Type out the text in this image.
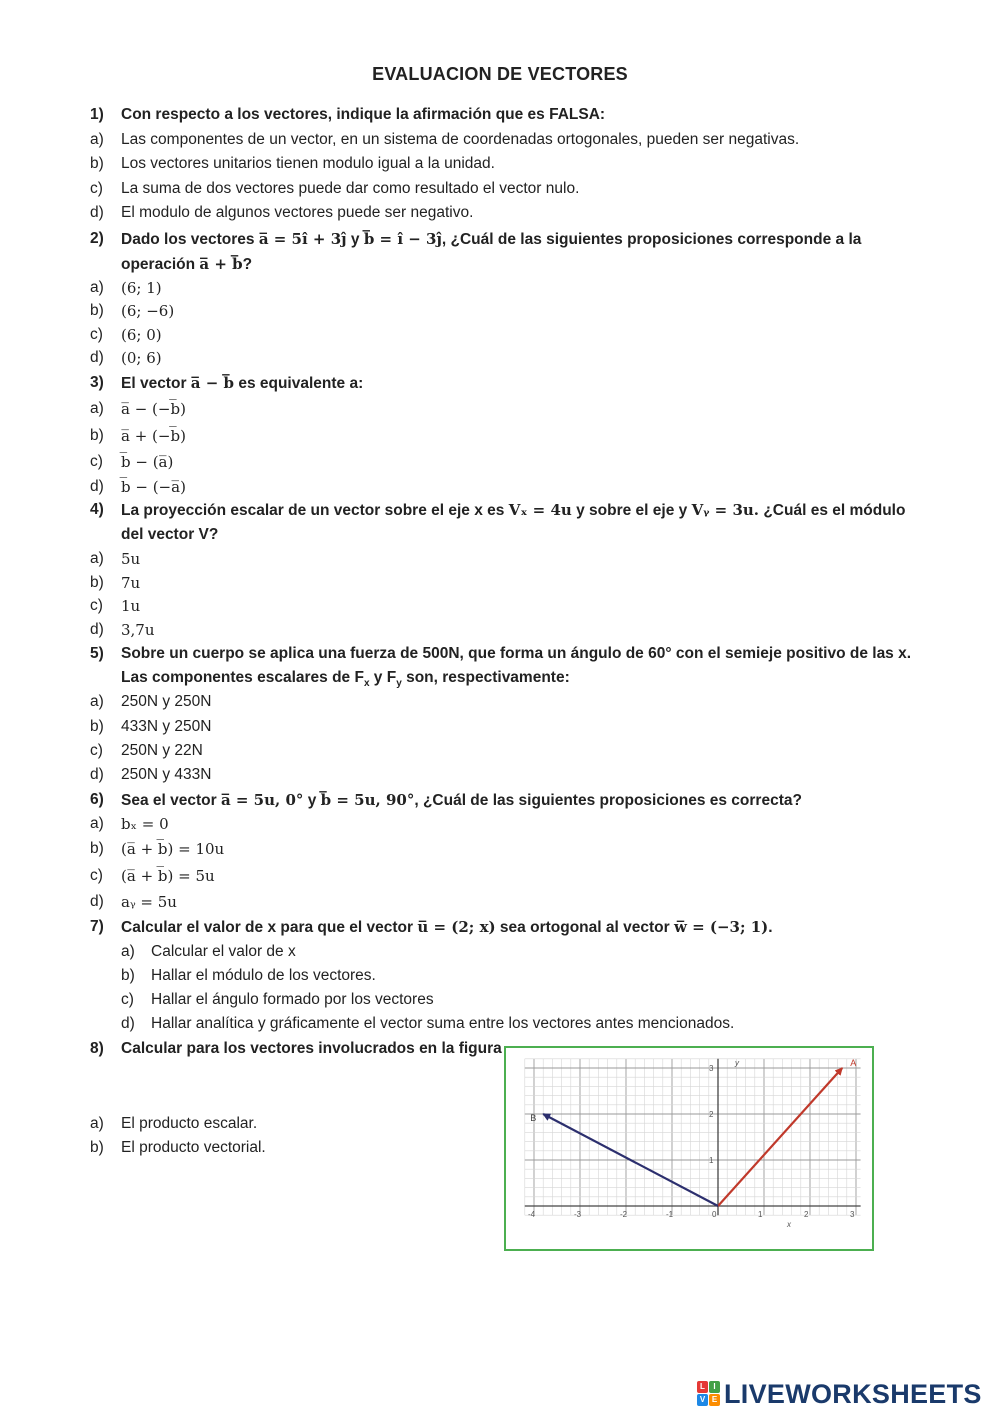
EVALUACION DE VECTORES
1) Con respecto a los vectores, indique la afirmación que es FALSA:
a) Las componentes de un vector, en un sistema de coordenadas ortogonales, pueden ser negativas.
b) Los vectores unitarios tienen modulo igual a la unidad.
c) La suma de dos vectores puede dar como resultado el vector nulo.
d) El modulo de algunos vectores puede ser negativo.
2) Dado los vectores a̅ = 5î + 3ĵ y b̅ = î − 3ĵ, ¿Cuál de las siguientes proposiciones corresponde a la
operación a̅ + b̅?
a) (6; 1)
b) (6; −6)
c) (6; 0)
d) (0; 6)
3) El vector a̅ − b̅ es equivalente a:
a) a̅ − (−b̅)
b) a̅ + (−b̅)
c) b̅ − (a̅)
d) b̅ − (−a̅)
4) La proyección escalar de un vector sobre el eje x es Vₓ = 4u y sobre el eje y Vᵧ = 3u. ¿Cuál es el módulo
del vector V?
a) 5u
b) 7u
c) 1u
d) 3,7u
5) Sobre un cuerpo se aplica una fuerza de 500N, que forma un ángulo de 60° con el semieje positivo de las x.
Las componentes escalares de $F_x$ y $F_y$ son, respectivamente:
a) 250N y 250N
b) 433N y 250N
c) 250N y 22N
d) 250N y 433N
6) Sea el vector a̅ = 5u, 0° y b̅ = 5u, 90°, ¿Cuál de las siguientes proposiciones es correcta?
a) bₓ = 0
b) (a̅ + b̅) = 10u
c) (a̅ + b̅) = 5u
d) aᵧ = 5u
7) Calcular el valor de x para que el vector u̅ = (2; x) sea ortogonal al vector w̅ = (−3; 1).
a) Calcular el valor de x
b) Hallar el módulo de los vectores.
c) Hallar el ángulo formado por los vectores
d) Hallar analítica y gráficamente el vector suma entre los vectores antes mencionados.
8) Calcular para los vectores involucrados en la figura
a) El producto escalar.
b) El producto vectorial.
-4	-3	-2	-1	0	1	2	3
1
2
3
x
y	A
B
L	I
V E LIVEWORKSHEETS
